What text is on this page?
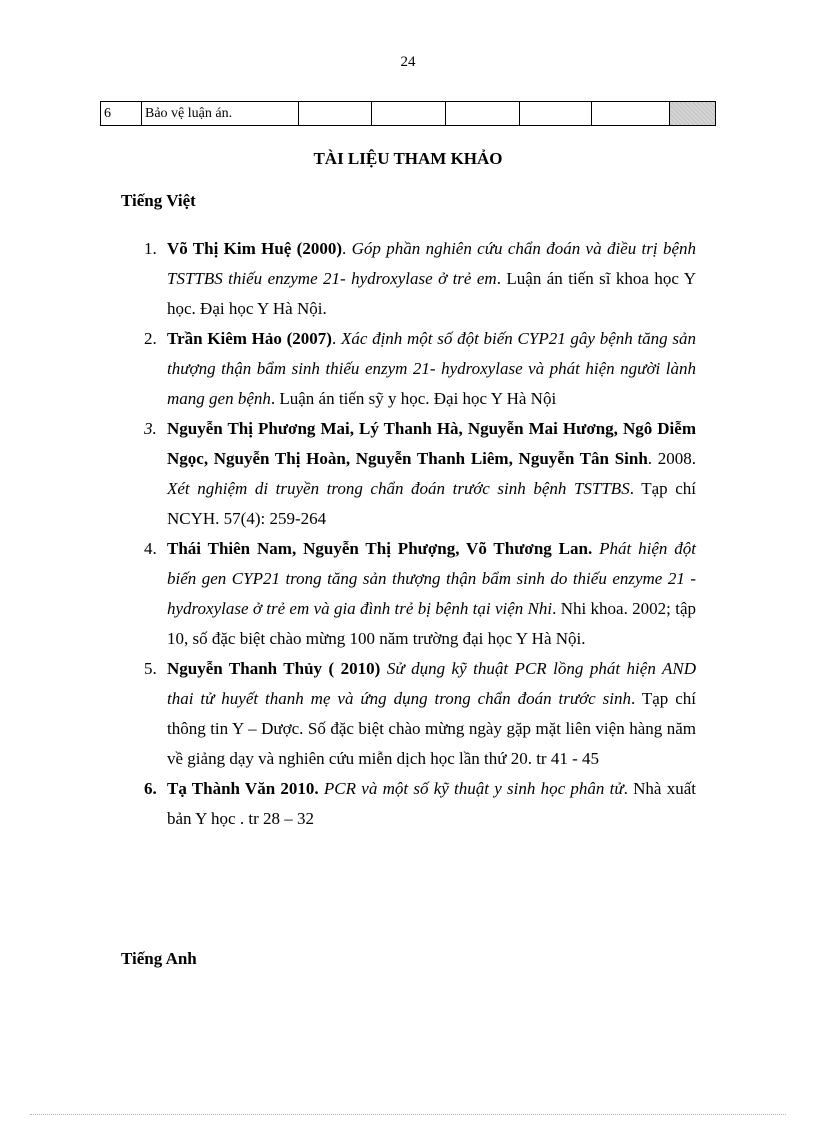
24
6	Bảo vệ luận án.						
TÀI LIỆU THAM KHẢO
Tiếng Việt
1. Võ Thị Kim Huệ (2000). Góp phần nghiên cứu chẩn đoán và điều trị bệnh TSTTBS thiếu enzyme 21- hydroxylase ở trẻ em. Luận án tiến sĩ khoa học Y học. Đại học Y Hà Nội.
2. Trần Kiêm Hảo (2007). Xác định một số đột biến CYP21 gây bệnh tăng sản thượng thận bẩm sinh thiếu enzym 21- hydroxylase và phát hiện người lành mang gen bệnh. Luận án tiến sỹ y học. Đại học Y Hà Nội
3. Nguyễn Thị Phương Mai, Lý Thanh Hà, Nguyễn Mai Hương, Ngô Diễm Ngọc, Nguyễn Thị Hoàn, Nguyễn Thanh Liêm, Nguyễn Tân Sinh. 2008. Xét nghiệm di truyền trong chẩn đoán trước sinh bệnh TSTTBS. Tạp chí NCYH. 57(4): 259-264
4. Thái Thiên Nam, Nguyễn Thị Phượng, Võ Thương Lan. Phát hiện đột biến gen CYP21 trong tăng sản thượng thận bẩm sinh do thiếu enzyme 21 - hydroxylase ở trẻ em và gia đình trẻ bị bệnh tại viện Nhi. Nhi khoa. 2002; tập 10, số đặc biệt chào mừng 100 năm trường đại học Y Hà Nội.
5. Nguyễn Thanh Thủy ( 2010) Sử dụng kỹ thuật PCR lồng phát hiện AND thai tử huyết thanh mẹ và ứng dụng trong chẩn đoán trước sinh. Tạp chí thông tin Y – Dược. Số đặc biệt chào mừng ngày gặp mặt liên viện hàng năm về giảng dạy và nghiên cứu miễn dịch học lần thứ 20. tr 41 - 45
6. Tạ Thành Văn 2010. PCR và một số kỹ thuật y sinh học phân tử. Nhà xuất bản Y học . tr 28 – 32
Tiếng Anh
